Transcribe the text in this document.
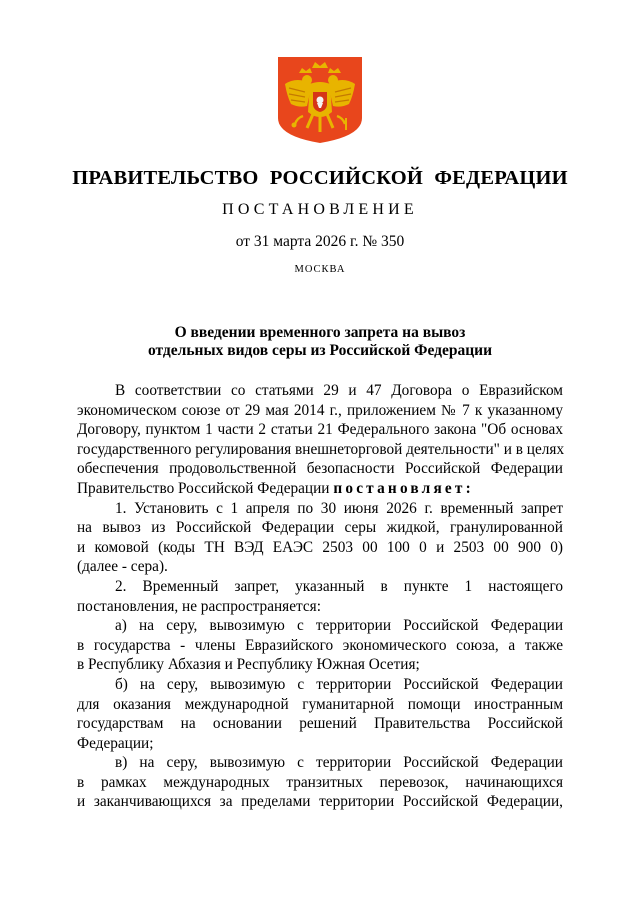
ПРАВИТЕЛЬСТВО РОССИЙСКОЙ ФЕДЕРАЦИИ
ПОСТАНОВЛЕНИЕ
от 31 марта 2026 г. № 350
МОСКВА
О введении временного запрета на вывоз
отдельных видов серы из Российской Федерации

В соответствии со статьями 29 и 47 Договора о Евразийском
экономическом союзе от 29 мая 2014 г., приложением № 7 к указанному
Договору, пунктом 1 части 2 статьи 21 Федерального закона "Об основах
государственного регулирования внешнеторговой деятельности" и в целях
обеспечения продовольственной безопасности Российской Федерации
Правительство Российской Федерации постановляет:

1. Установить с 1 апреля по 30 июня 2026 г. временный запрет
на вывоз из Российской Федерации серы жидкой, гранулированной
и комовой (коды ТН ВЭД ЕАЭС 2503 00 100 0 и 2503 00 900 0)
(далее - сера).

2. Временный запрет, указанный в пункте 1 настоящего
постановления, не распространяется:

а) на серу, вывозимую с территории Российской Федерации
в государства - члены Евразийского экономического союза, а также
в Республику Абхазия и Республику Южная Осетия;

б) на серу, вывозимую с территории Российской Федерации
для оказания международной гуманитарной помощи иностранным
государствам на основании решений Правительства Российской
Федерации;

в) на серу, вывозимую с территории Российской Федерации
в рамках международных транзитных перевозок, начинающихся
и заканчивающихся за пределами территории Российской Федерации,
